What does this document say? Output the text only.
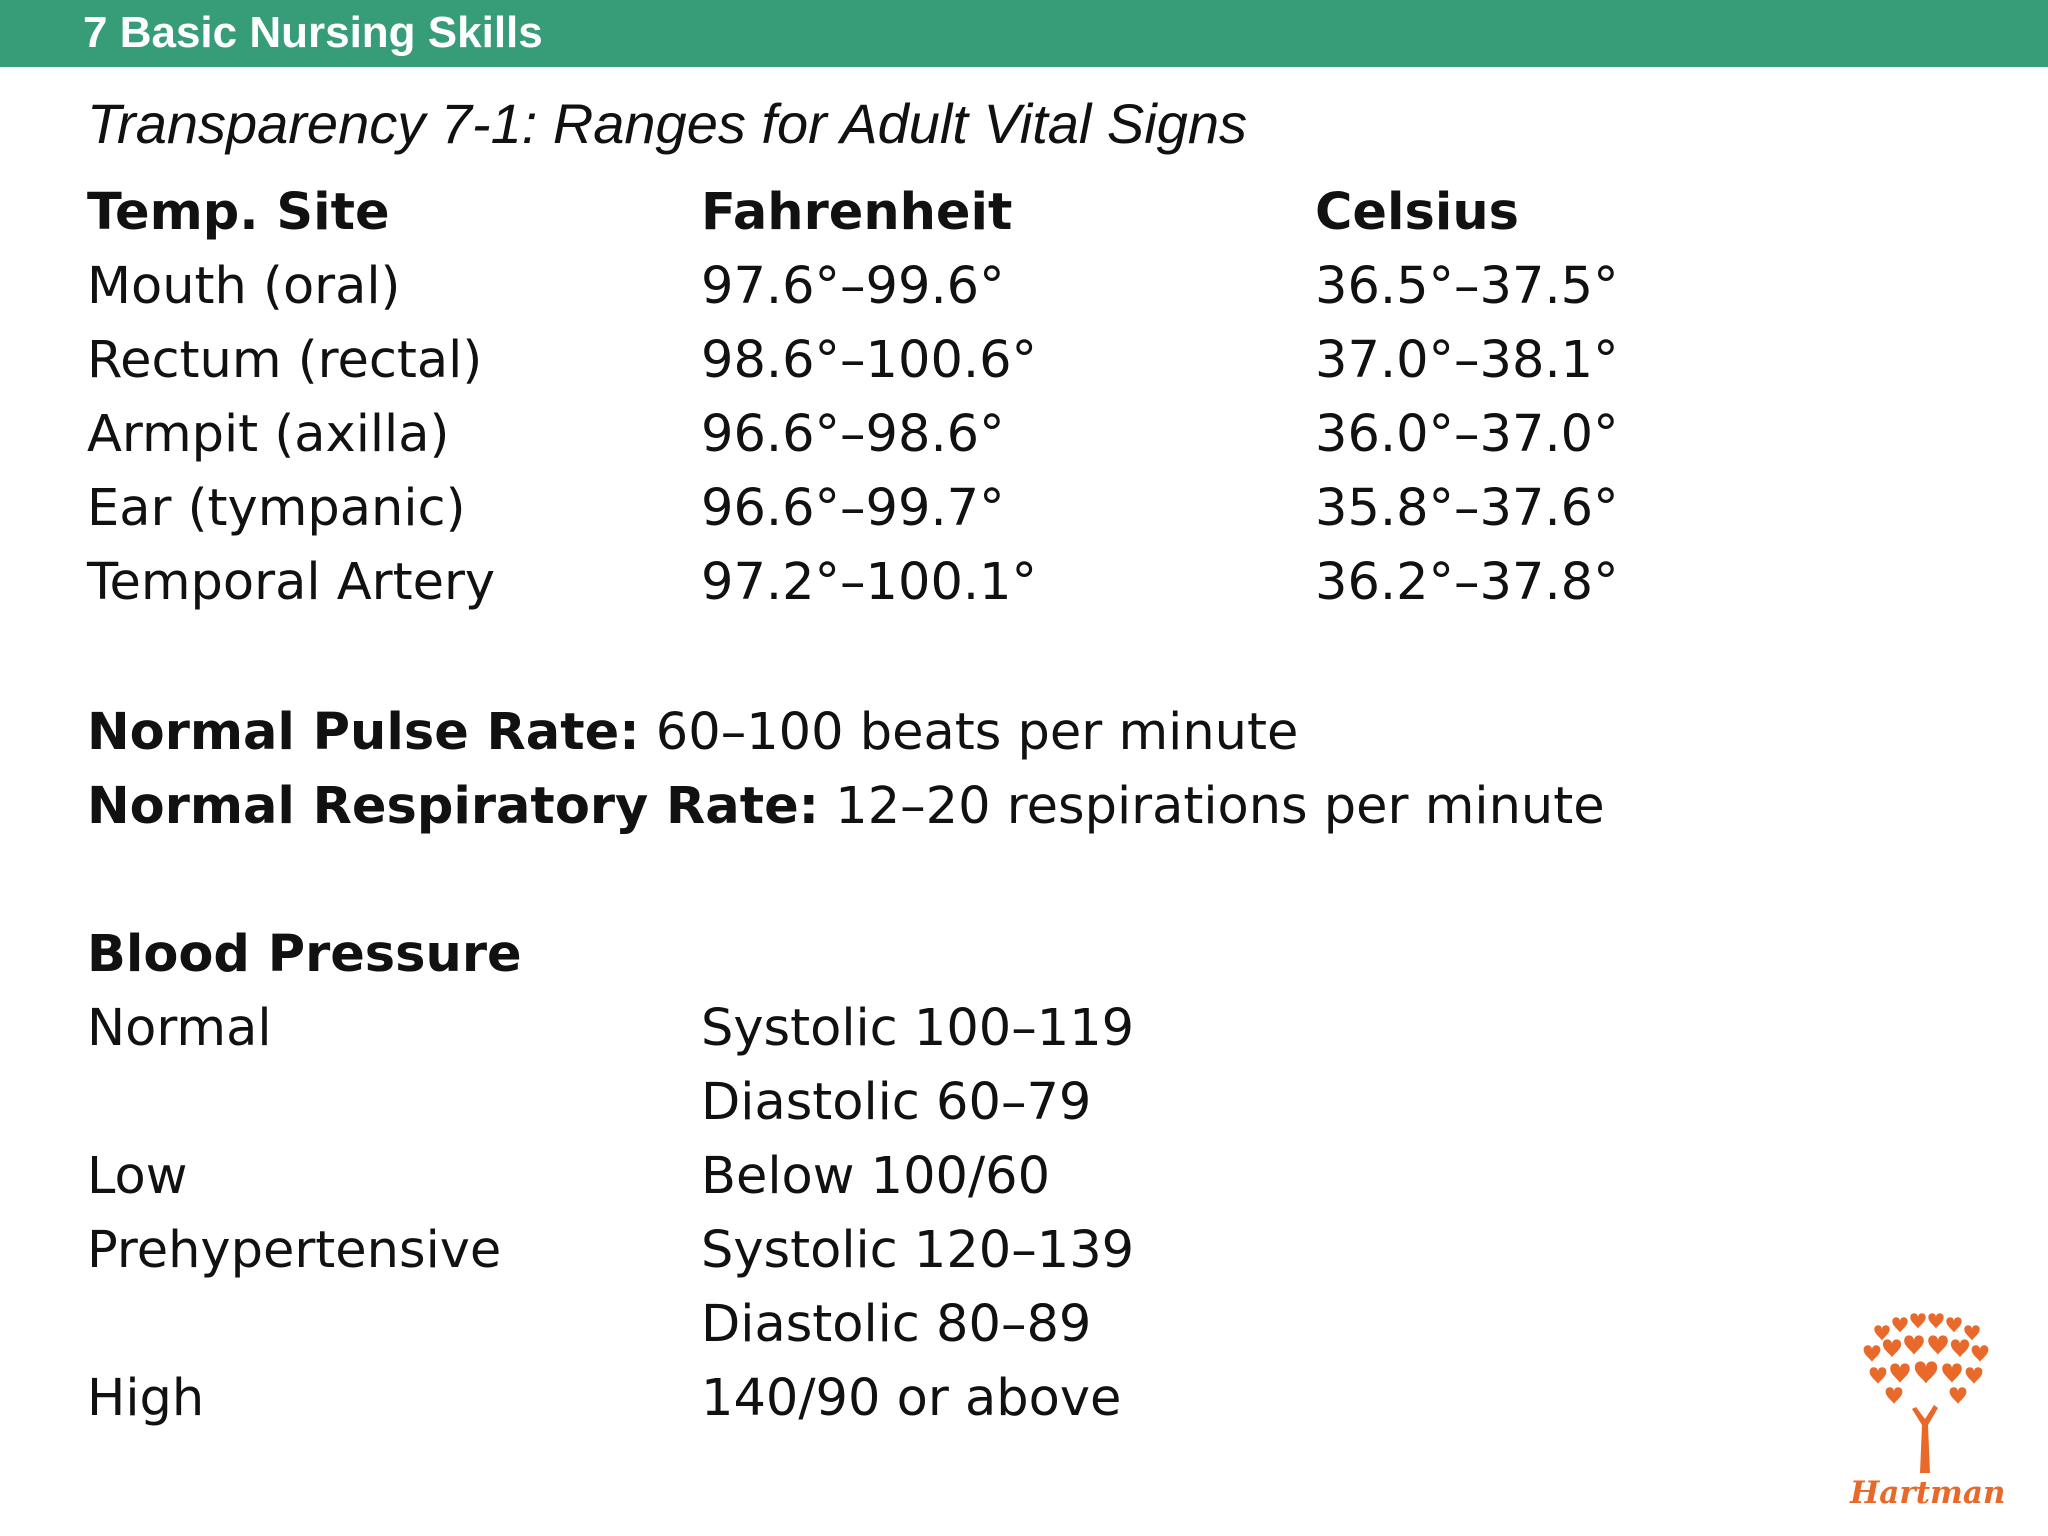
7 Basic Nursing Skills
Transparency 7-1: Ranges for Adult Vital Signs
Temp. Site	Fahrenheit	Celsius
Mouth (oral)	97.6°–99.6°	36.5°–37.5°
Rectum (rectal)	98.6°–100.6°	37.0°–38.1°
Armpit (axilla)	96.6°–98.6°	36.0°–37.0°
Ear (tympanic)	96.6°–99.7°	35.8°–37.6°
Temporal Artery	97.2°–100.1°	36.2°–37.8°
Normal Pulse Rate: 60–100 beats per minute
Normal Respiratory Rate: 12–20 respirations per minute
Blood Pressure
Normal	Systolic 100–119
Diastolic 60–79
Low	Below 100/60
Prehypertensive	Systolic 120–139
Diastolic 80–89
High	140/90 or above
Hartman
